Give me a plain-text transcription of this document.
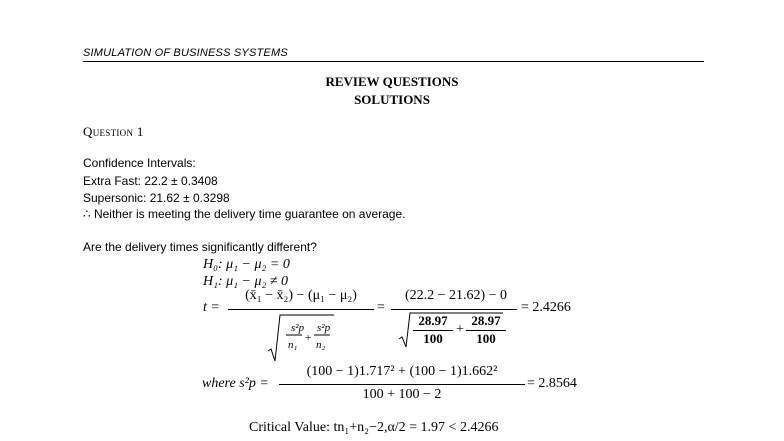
SIMULATION OF BUSINESS SYSTEMS
REVIEW QUESTIONS
SOLUTIONS
Question 1
Confidence Intervals:
Extra Fast: 22.2 ± 0.3408
Supersonic: 21.62 ± 0.3298
∴ Neither is meeting the delivery time guarantee on average.
Are the delivery times significantly different?
H₀: μ₁ − μ₂ = 0
H₁: μ₁ − μ₂ ≠ 0
t =
(x̄₁ − x̄₂) − (μ₁ − μ₂)
s²p
n₁
+
s²p
n₂
=
(22.2 − 21.62) − 0
28.97
100
+
28.97
100
= 2.4266
where s²p =
(100 − 1)1.717² + (100 − 1)1.662²
100 + 100 − 2
= 2.8564
Critical Value: tn₁+n₂−2,α/2 = 1.97 < 2.4266
